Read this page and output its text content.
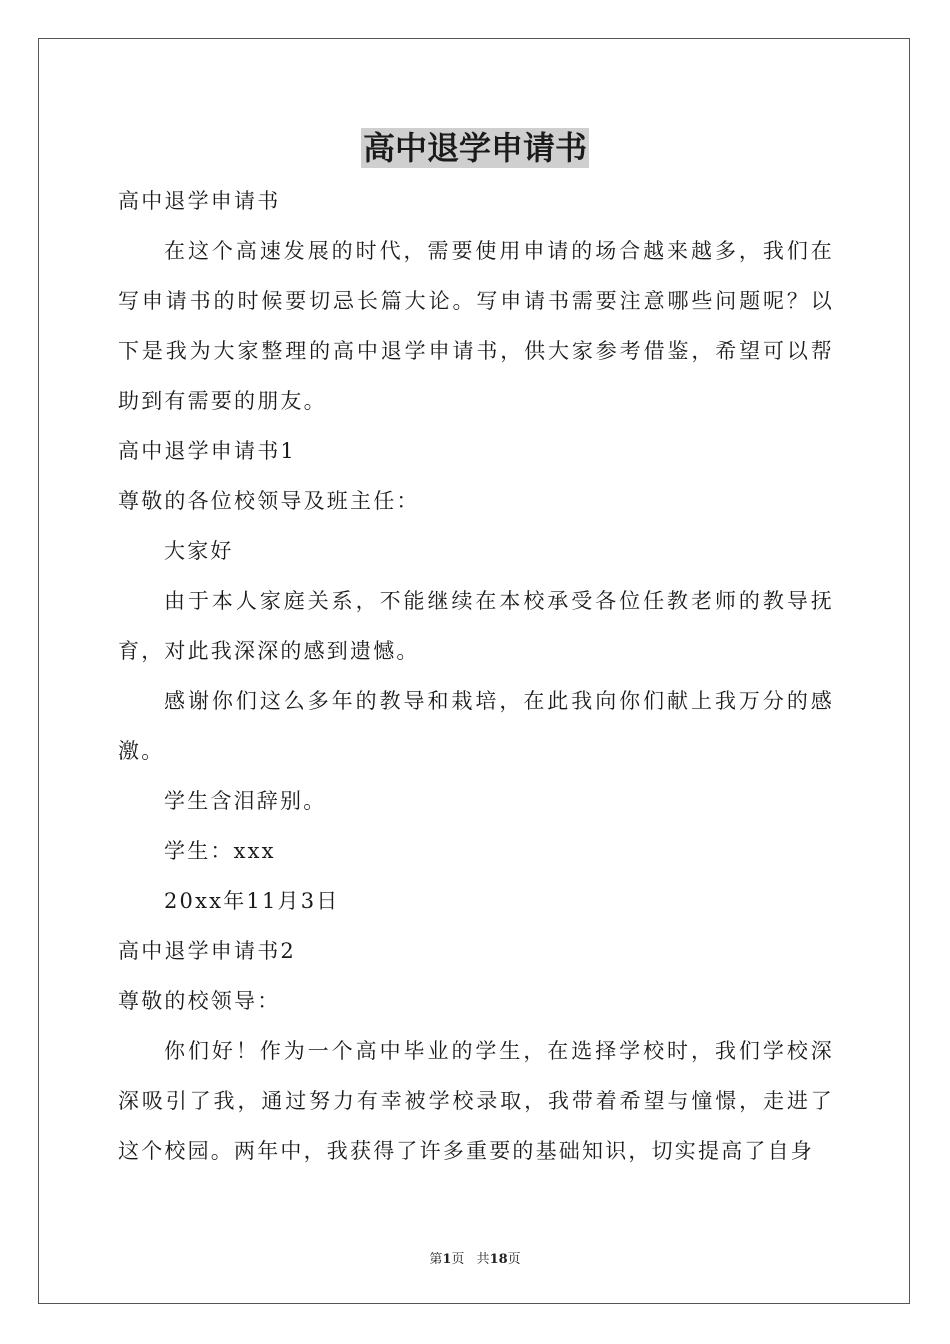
高中退学申请书

高中退学申请书

在这个高速发展的时代，需要使用申请的场合越来越多，我们在写申请书的时候要切忌长篇大论。写申请书需要注意哪些问题呢？以下是我为大家整理的高中退学申请书，供大家参考借鉴，希望可以帮助到有需要的朋友。

高中退学申请书1

尊敬的各位校领导及班主任：

大家好

由于本人家庭关系，不能继续在本校承受各位任教老师的教导抚育，对此我深深的感到遗憾。

感谢你们这么多年的教导和栽培，在此我向你们献上我万分的感激。

学生含泪辞别。

学生：xxx

20xx年11月3日

高中退学申请书2

尊敬的校领导：

你们好！作为一个高中毕业的学生，在选择学校时，我们学校深深吸引了我，通过努力有幸被学校录取，我带着希望与憧憬，走进了这个校园。两年中，我获得了许多重要的基础知识，切实提高了自身

第1页 共18页
